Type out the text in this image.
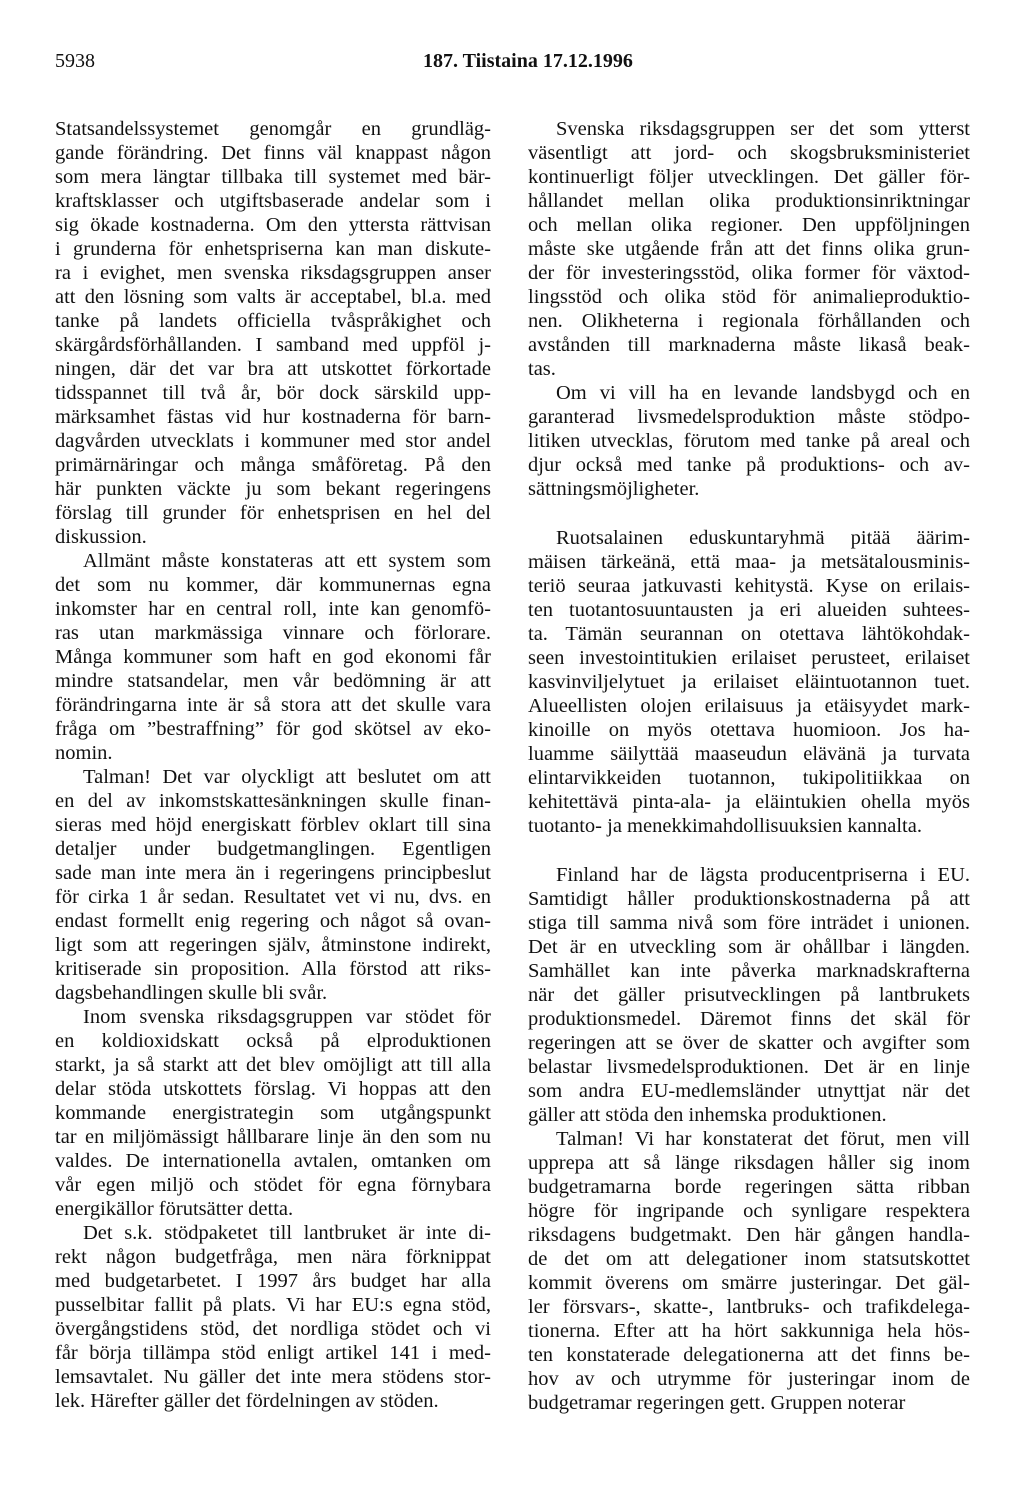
5938	187. Tiistaina 17.12.1996
Statsandelssystemet genomgår en grundläg-
gande förändring. Det finns väl knappast någon
som mera längtar tillbaka till systemet med bär-
kraftsklasser och utgiftsbaserade andelar som i
sig ökade kostnaderna. Om den yttersta rättvisan
i grunderna för enhetspriserna kan man diskute-
ra i evighet, men svenska riksdagsgruppen anser
att den lösning som valts är acceptabel, bl.a. med
tanke på landets officiella tvåspråkighet och
skärgårdsförhållanden. I samband med uppföl j-
ningen, där det var bra att utskottet förkortade
tidsspannet till två år, bör dock särskild upp-
märksamhet fästas vid hur kostnaderna för barn-
dagvården utvecklats i kommuner med stor andel
primärnäringar och många småföretag. På den
här punkten väckte ju som bekant regeringens
förslag till grunder för enhetsprisen en hel del
diskussion.
Allmänt måste konstateras att ett system som
det som nu kommer, där kommunernas egna
inkomster har en central roll, inte kan genomfö-
ras utan markmässiga vinnare och förlorare.
Många kommuner som haft en god ekonomi får
mindre statsandelar, men vår bedömning är att
förändringarna inte är så stora att det skulle vara
fråga om ”bestraffning” för god skötsel av eko-
nomin.
Talman! Det var olyckligt att beslutet om att
en del av inkomstskattesänkningen skulle finan-
sieras med höjd energiskatt förblev oklart till sina
detaljer under budgetmanglingen. Egentligen
sade man inte mera än i regeringens principbeslut
för cirka 1 år sedan. Resultatet vet vi nu, dvs. en
endast formellt enig regering och något så ovan-
ligt som att regeringen själv, åtminstone indirekt,
kritiserade sin proposition. Alla förstod att riks-
dagsbehandlingen skulle bli svår.
Inom svenska riksdagsgruppen var stödet för
en koldioxidskatt också på elproduktionen
starkt, ja så starkt att det blev omöjligt att till alla
delar stöda utskottets förslag. Vi hoppas att den
kommande energistrategin som utgångspunkt
tar en miljömässigt hållbarare linje än den som nu
valdes. De internationella avtalen, omtanken om
vår egen miljö och stödet för egna förnybara
energikällor förutsätter detta.
Det s.k. stödpaketet till lantbruket är inte di-
rekt någon budgetfråga, men nära förknippat
med budgetarbetet. I 1997 års budget har alla
pusselbitar fallit på plats. Vi har EU:s egna stöd,
övergångstidens stöd, det nordliga stödet och vi
får börja tillämpa stöd enligt artikel 141 i med-
lemsavtalet. Nu gäller det inte mera stödens stor-
lek. Härefter gäller det fördelningen av stöden.
Svenska riksdagsgruppen ser det som ytterst
väsentligt att jord- och skogsbruksministeriet
kontinuerligt följer utvecklingen. Det gäller för-
hållandet mellan olika produktionsinriktningar
och mellan olika regioner. Den uppföljningen
måste ske utgående från att det finns olika grun-
der för investeringsstöd, olika former för växtod-
lingsstöd och olika stöd för animalieproduktio-
nen. Olikheterna i regionala förhållanden och
avstånden till marknaderna måste likaså beak-
tas.
Om vi vill ha en levande landsbygd och en
garanterad livsmedelsproduktion måste stödpo-
litiken utvecklas, förutom med tanke på areal och
djur också med tanke på produktions- och av-
sättningsmöjligheter.
Ruotsalainen eduskuntaryhmä pitää äärim-
mäisen tärkeänä, että maa- ja metsätalousminis-
teriö seuraa jatkuvasti kehitystä. Kyse on erilais-
ten tuotantosuuntausten ja eri alueiden suhtees-
ta. Tämän seurannan on otettava lähtökohdak-
seen investointitukien erilaiset perusteet, erilaiset
kasvinviljelytuet ja erilaiset eläintuotannon tuet.
Alueellisten olojen erilaisuus ja etäisyydet mark-
kinoille on myös otettava huomioon. Jos ha-
luamme säilyttää maaseudun elävänä ja turvata
elintarvikkeiden tuotannon, tukipolitiikkaa on
kehitettävä pinta-ala- ja eläintukien ohella myös
tuotanto- ja menekkimahdollisuuksien kannalta.
Finland har de lägsta producentpriserna i EU.
Samtidigt håller produktionskostnaderna på att
stiga till samma nivå som före inträdet i unionen.
Det är en utveckling som är ohållbar i längden.
Samhället kan inte påverka marknadskrafterna
när det gäller prisutvecklingen på lantbrukets
produktionsmedel. Däremot finns det skäl för
regeringen att se över de skatter och avgifter som
belastar livsmedelsproduktionen. Det är en linje
som andra EU-medlemsländer utnyttjat när det
gäller att stöda den inhemska produktionen.
Talman! Vi har konstaterat det förut, men vill
upprepa att så länge riksdagen håller sig inom
budgetramarna borde regeringen sätta ribban
högre för ingripande och synligare respektera
riksdagens budgetmakt. Den här gången handla-
de det om att delegationer inom statsutskottet
kommit överens om smärre justeringar. Det gäl-
ler försvars-, skatte-, lantbruks- och trafikdelega-
tionerna. Efter att ha hört sakkunniga hela hös-
ten konstaterade delegationerna att det finns be-
hov av och utrymme för justeringar inom de
budgetramar regeringen gett. Gruppen noterar
